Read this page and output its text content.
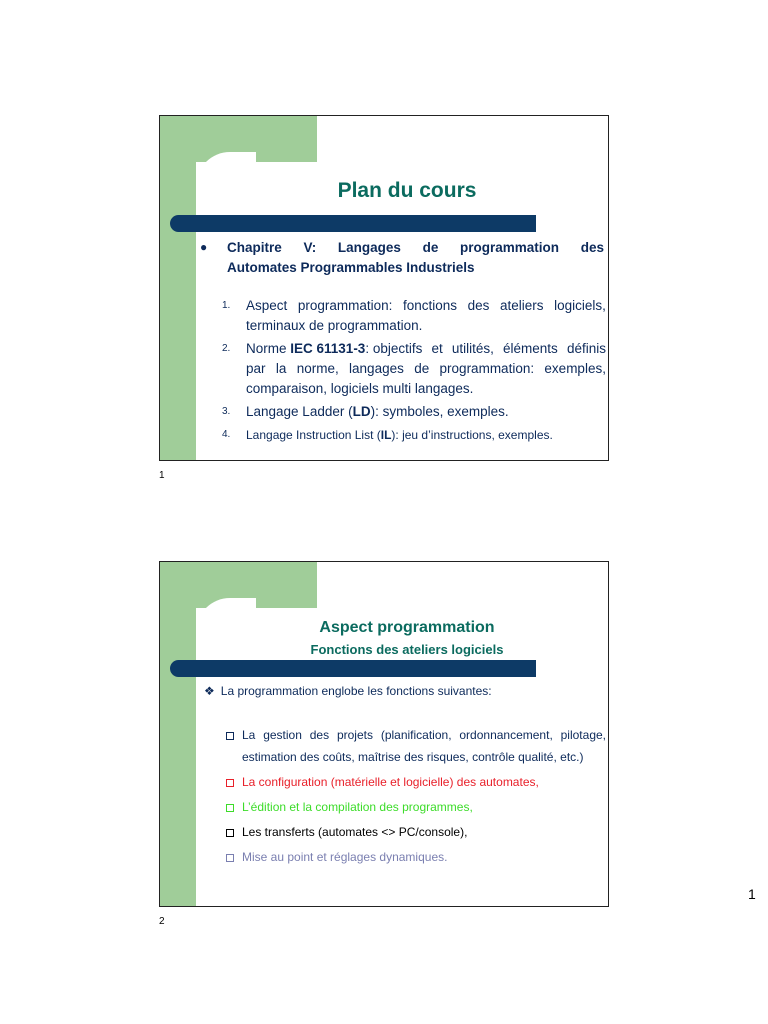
Plan du cours
● Chapitre V: Langages de programmation des
Automates Programmables Industriels
1.	Aspect programmation: fonctions des ateliers logiciels,
terminaux de programmation.
2.	Norme IEC 61131-3: objectifs et utilités, éléments définis
par la norme, langages de programmation: exemples,
comparaison, logiciels multi langages.
3.	Langage Ladder (LD): symboles, exemples.
4.	Langage Instruction List (IL): jeu d’instructions, exemples.
1
Aspect programmation
Fonctions des ateliers logiciels
❖ La programmation englobe les fonctions suivantes:
La gestion des projets (planification, ordonnancement, pilotage, estimation des coûts, maîtrise des risques, contrôle qualité, etc.)
La configuration (matérielle et logicielle) des automates,
L’édition et la compilation des programmes,
Les transferts (automates <> PC/console),
Mise au point et réglages dynamiques.
2
1
